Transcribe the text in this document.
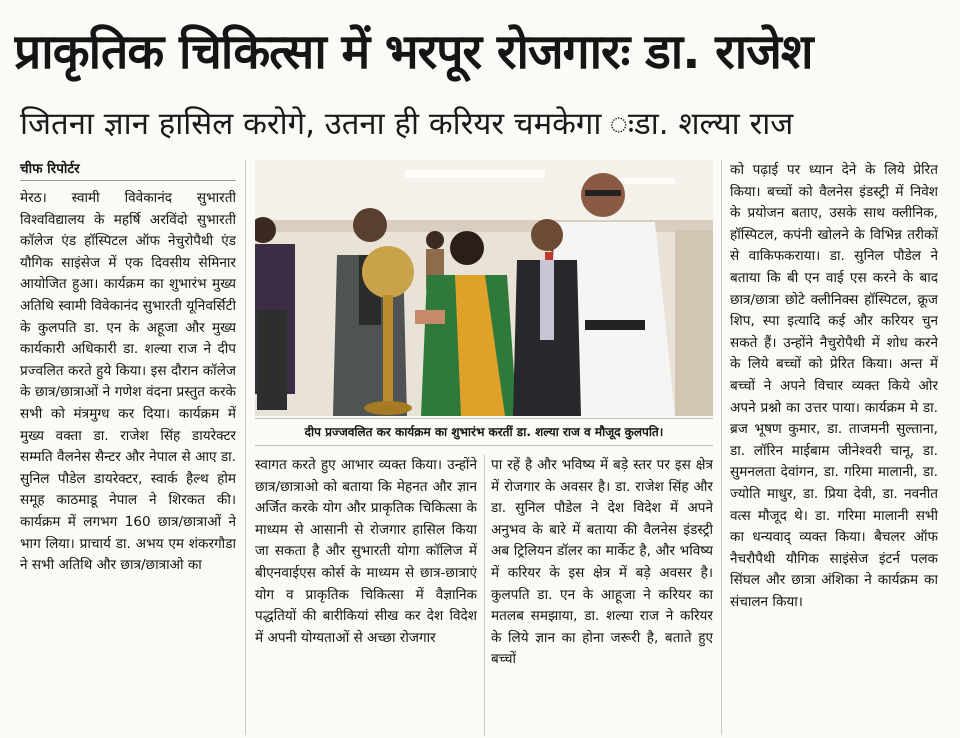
प्राकृतिक चिकित्सा में भरपूर रोजगारः डा. राजेश
जितना ज्ञान हासिल करोगे, उतना ही करियर चमकेगा ःडा. शल्या राज
चीफ रिपोर्टर
मेरठ। स्वामी विवेकानंद सुभारती विश्वविद्यालय के महर्षि अरविंदो सुभारती कॉलेज एंड हॉस्पिटल ऑफ नेचुरोपैथी एंड यौगिक साइंसेज में एक दिवसीय सेमिनार आयोजित हुआ। कार्यक्रम का शुभारंभ मुख्य अतिथि स्वामी विवेकानंद सुभारती यूनिवर्सिटी के कुलपति डा. एन के अहूजा और मुख्य कार्यकारी अधिकारी डा. शल्या राज ने दीप प्रज्वलित करते हुये किया। इस दौरान कॉलेज के छात्र/छात्राओं ने गणेश वंदना प्रस्तुत करके सभी को मंत्रमुग्ध कर दिया। कार्यक्रम में मुख्य वक्ता डा. राजेश सिंह डायरेक्टर सम्मति वैलनेस सैन्टर और नेपाल से आए डा. सुनिल पौडेल डायरेक्टर, स्वार्क हैल्थ होम समूह काठमाडू नेपाल ने शिरकत की। कार्यक्रम में लगभग 160 छात्र/छात्राओं ने भाग लिया। प्राचार्य डा. अभय एम शंकरगौडा ने सभी अतिथि और छात्र/छात्राओ का
दीप प्रज्जवलित कर कार्यक्रम का शुभारंभ करतीं डा. शल्या राज व मौजूद कुलपति।
स्वागत करते हुए आभार व्यक्त किया। उन्होंने छात्र/छात्राओ को बताया कि मेहनत और ज्ञान अर्जित करके योग और प्राकृतिक चिकित्सा के माध्यम से आसानी से रोजगार हासिल किया जा सकता है और सुभारती योगा कॉलिज में बीएनवाईएस कोर्स के माध्यम से छात्र-छात्राएं योग व प्राकृतिक चिकित्सा में वैज्ञानिक पद्धतियों की बारीकियां सीख कर देश विदेश में अपनी योग्यताओं से अच्छा रोजगार
पा रहें है और भविष्य में बड़े स्तर पर इस क्षेत्र में रोजगार के अवसर है। डा. राजेश सिंह और डा. सुनिल पौडेल ने देश विदेश में अपने अनुभव के बारे में बताया की वैलनेस इंडस्ट्री अब ट्रिलियन डॉलर का मार्केट है, और भविष्य में करियर के इस क्षेत्र में बड़े अवसर है। कुलपति डा. एन के आहूजा ने करियर का मतलब समझाया, डा. शल्या राज ने करियर के लिये ज्ञान का होना जरूरी है, बताते हुए बच्चों
को पढ़ाई पर ध्यान देने के लिये प्रेरित किया। बच्चों को वैलनेस इंडस्ट्री में निवेश के प्रयोजन बताए, उसके साथ क्लीनिक, हॉस्पिटल, कपंनी खोलने के विभिन्न तरीकों से वाकिफकराया। डा. सुनिल पौडेल ने बताया कि बी एन वाई एस करने के बाद छात्र/छात्रा छोटे क्लीनिक्स हॉस्पिटल, क्रूज शिप, स्पा इत्यादि कई और करियर चुन सकते हैं। उन्होंने नैचुरोपैथी में शोध करने के लिये बच्चों को प्रेरित किया। अन्त में बच्चों ने अपने विचार व्यक्त किये ओर अपने प्रश्नो का उत्तर पाया। कार्यक्रम मे डा. ब्रज भूषण कुमार, डा. ताजमनी सुल्ताना, डा. लॉरिन माईबाम जीनेश्वरी चानू, डा. सुमनलता देवांगन, डा. गरिमा मालानी, डा. ज्योति माधुर, डा. प्रिया देवी, डा. नवनीत वत्स मौजूद थे। डा. गरिमा मालानी सभी का धन्यवाद् व्यक्त किया। बैचलर ऑफ नैचरौपैथी यौगिक साइंसेज इंटर्न पलक सिंघल और छात्रा अंशिका ने कार्यक्रम का संचालन किया।
